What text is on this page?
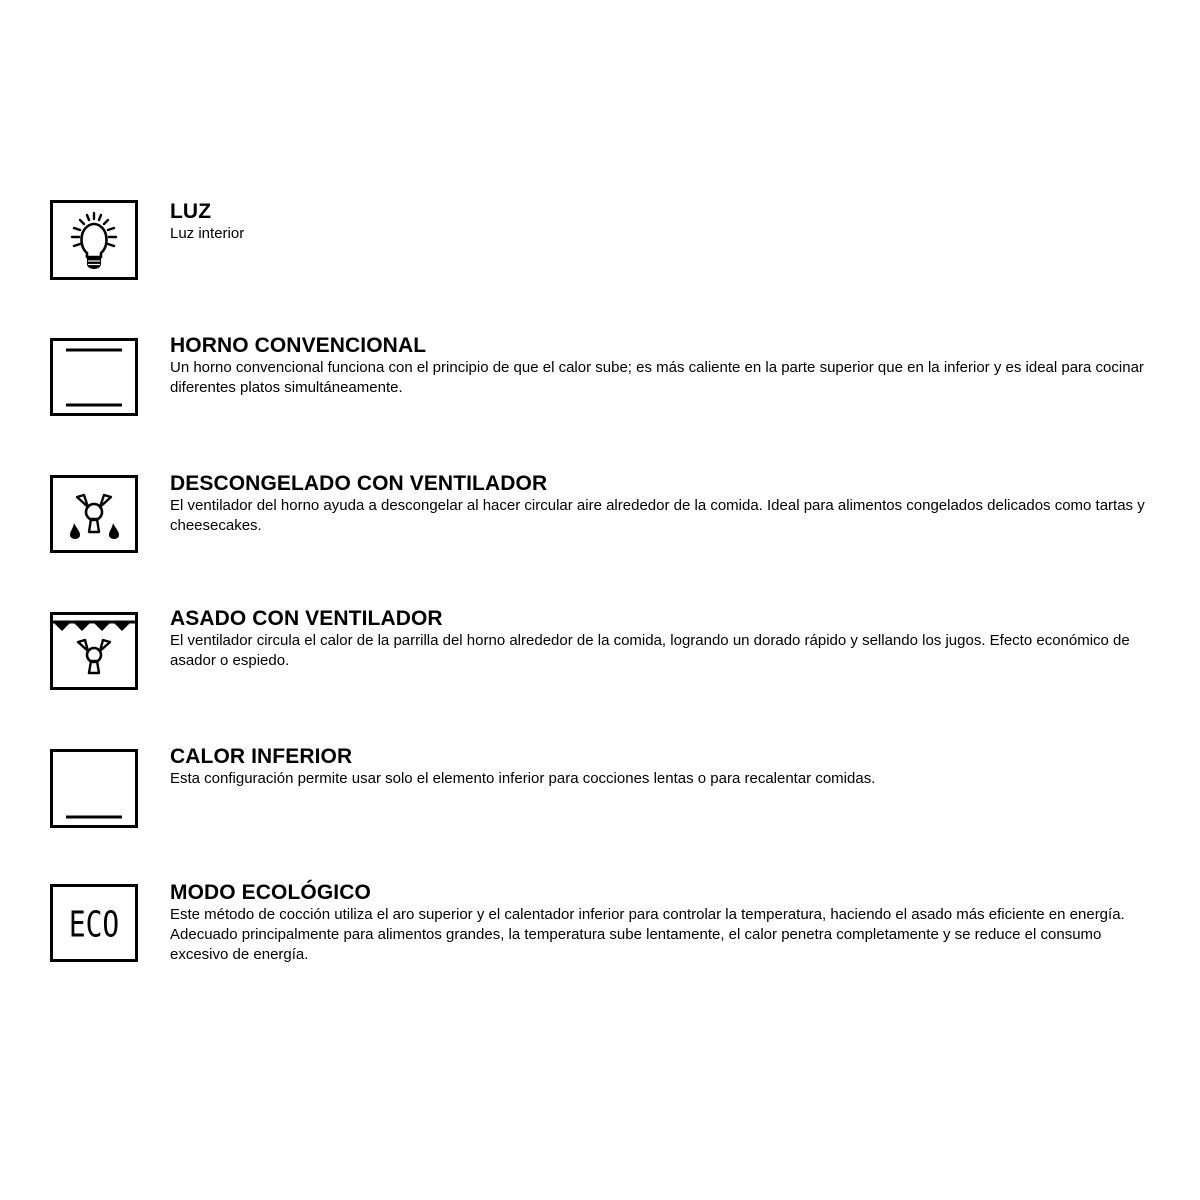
LUZ

Luz interior

HORNO CONVENCIONAL

Un horno convencional funciona con el principio de que el calor sube; es más caliente en la parte superior que en la inferior y es ideal para cocinar diferentes platos simultáneamente.

DESCONGELADO CON VENTILADOR

El ventilador del horno ayuda a descongelar al hacer circular aire alrededor de la comida. Ideal para alimentos congelados delicados como tartas y cheesecakes.

ASADO CON VENTILADOR

El ventilador circula el calor de la parrilla del horno alrededor de la comida, logrando un dorado rápido y sellando los jugos. Efecto económico de asador o espiedo.

CALOR INFERIOR

Esta configuración permite usar solo el elemento inferior para cocciones lentas o para recalentar comidas.

ECO

MODO ECOLÓGICO

Este método de cocción utiliza el aro superior y el calentador inferior para controlar la temperatura, haciendo el asado más eficiente en energía. Adecuado principalmente para alimentos grandes, la temperatura sube lentamente, el calor penetra completamente y se reduce el consumo excesivo de energía.
